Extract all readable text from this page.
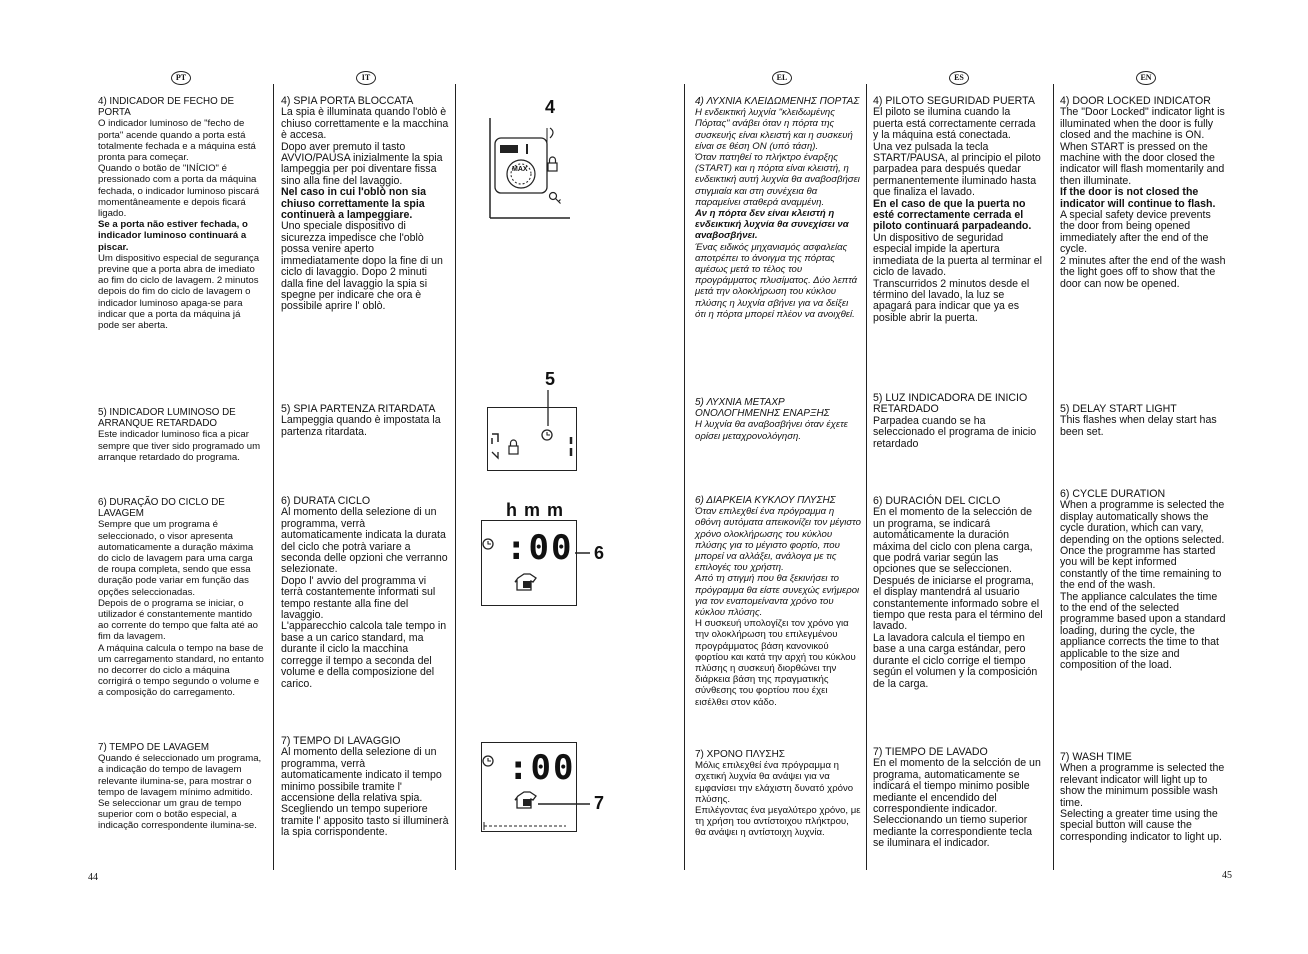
PT	IT	EL	ES	EN

4) INDICADOR DE FECHO DE PORTA

O indicador luminoso de "fecho de porta" acende quando a porta está totalmente fechada e a máquina está pronta para começar.
Quando o botão de "INÍCIO" é pressionado com a porta da máquina fechada, o indicador luminoso piscará momentâneamente e depois ficará ligado.

Se a porta não estiver fechada, o indicador luminoso continuará a piscar.

Um dispositivo especial de segurança previne que a porta abra de imediato ao fim do ciclo de lavagem. 2 minutos depois do fim do ciclo de lavagem o indicador luminoso apaga-se para indicar que a porta da máquina já pode ser aberta.

5) INDICADOR LUMINOSO DE ARRANQUE RETARDADO

Este indicador luminoso fica a picar sempre que tiver sido programado um arranque retardado do programa.

6) DURAÇÃO DO CICLO DE LAVAGEM

Sempre que um programa é seleccionado, o visor apresenta automaticamente a duração máxima do ciclo de lavagem para uma carga de roupa completa, sendo que essa duração pode variar em função das opções seleccionadas.
Depois de o programa se iniciar, o utilizador é constantemente mantido ao corrente do tempo que falta até ao fim da lavagem.
A máquina calcula o tempo na base de um carregamento standard, no entanto no decorrer do ciclo a máquina corrigirá o tempo segundo o volume e a composição do carregamento.

7) TEMPO DE LAVAGEM

Quando é seleccionado um programa, a indicação do tempo de lavagem relevante ilumina-se, para mostrar o tempo de lavagem mínimo admitido.
Se seleccionar um grau de tempo superior com o botão especial, a indicação correspondente ilumina-se.

4) SPIA PORTA BLOCCATA

La spia è illuminata quando l'oblò è chiuso correttamente e la macchina è accesa.
Dopo aver premuto il tasto AVVIO/PAUSA inizialmente la spia lampeggia per poi diventare fissa sino alla fine del lavaggio.

Nel caso in cui l'oblò non sia chiuso correttamente la spia continuerà a lampeggiare.

Uno speciale dispositivo di sicurezza impedisce che l'oblò possa venire aperto immediatamente dopo la fine di un ciclo di lavaggio. Dopo 2 minuti dalla fine del lavaggio la spia si spegne per indicare che ora è possibile aprire l' oblò.

5) SPIA PARTENZA RITARDATA

Lampeggia quando è impostata la partenza ritardata.

6) DURATA CICLO

Al momento della selezione di un programma, verrà automaticamente indicata la durata del ciclo che potrà variare a seconda delle opzioni che verranno selezionate.
Dopo l' avvio del programma vi terrà costantemente informati sul tempo restante alla fine del lavaggio.
L'apparecchio calcola tale tempo in base a un carico standard, ma durante il ciclo la macchina corregge il tempo a seconda del volume e della composizione del carico.

7) TEMPO DI LAVAGGIO

Al momento della selezione di un programma, verrà automaticamente indicato il tempo minimo possibile tramite l' accensione della relativa spia.
Scegliendo un tempo superiore tramite l' apposito tasto si illuminerà la spia corrispondente.

4
MAX
5
h m m
6
:00
7
:00

4) ΛΥΧΝΙΑ ΚΛΕΙΔΩΜΕΝΗΣ ΠΟΡΤΑΣ

Η ενδεικτική λυχνία "κλειδωμένης Πόρτας" ανάβει όταν η πόρτα της συσκευής είναι κλειστή και η συσκευή είναι σε θέση ON (υπό τάση).
Όταν πατηθεί το πλήκτρο έναρξης (START) και η πόρτα είναι κλειστή, η ενδεικτική αυτή λυχνία θα αναβοσβήσει στιγμιαία και στη συνέχεια θα παραμείνει σταθερά αναμμένη.

Αν η πόρτα δεν είναι κλειστή η ενδεικτική λυχνία θα συνεχίσει να αναβοσβήνει.

Ένας ειδικός μηχανισμός ασφαλείας αποτρέπει το άνοιγμα της πόρτας αμέσως μετά το τέλος του προγράμματος πλυσίματος. Δύο λεπτά μετά την ολοκλήρωση του κύκλου πλύσης η λυχνία σβήνει για να δείξει ότι η πόρτα μπορεί πλέον να ανοιχθεί.

5) ΛΥΧΝΙΑ ΜΕΤΑΧΡ ΟΝΟΛΟΓΗΜΕΝΗΣ ΕΝΑΡΞΗΣ

Η λυχνία θα αναβοσβήνει όταν έχετε ορίσει μεταχρονολόγηση.

6) ΔΙΑΡΚΕΙΑ ΚΥΚΛΟΥ ΠΛΥΣΗΣ

Όταν επιλεχθεί ένα πρόγραμμα η οθόνη αυτόματα απεικονίζει τον μέγιστο χρόνο ολοκλήρωσης του κύκλου πλύσης για το μέγιστο φορτίο, που μπορεί να αλλάξει, ανάλογα με τις επιλογές του χρήστη.
Από τη στιγμή που θα ξεκινήσει το πρόγραμμα θα είστε συνεχώς ενήμεροι για τον εναπομείναντα χρόνο του κύκλου πλύσης.

Η συσκευή υπολογίζει τον χρόνο για την ολοκλήρωση του επιλεγμένου προγράμματος βάση κανονικού φορτίου και κατά την αρχή του κύκλου πλύσης η συσκευή διορθώνει την διάρκεια βάση της πραγματικής σύνθεσης του φορτίου που έχει εισέλθει στον κάδο.

7) ΧΡΟΝΟ ΠΛΥΣΗΣ

Μόλις επιλεχθεί ένα πρόγραμμα η σχετική λυχνία θα ανάψει για να εμφανίσει την ελάχιστη δυνατό χρόνο πλύσης.
Επιλέγοντας ένα μεγαλύτερο χρόνο, με τη χρήση του αντίστοιχου πλήκτρου, θα ανάψει η αντίστοιχη λυχνία.

4) PILOTO SEGURIDAD PUERTA

El piloto se ilumina cuando la puerta está correctamente cerrada y la máquina está conectada.
Una vez pulsada la tecla START/PAUSA, al principio el piloto parpadea para después quedar permanentemente iluminado hasta que finaliza el lavado.

En el caso de que la puerta no esté correctamente cerrada el piloto continuará parpadeando.

Un dispositivo de seguridad especial impide la apertura inmediata de la puerta al terminar el ciclo de lavado.
Transcurridos 2 minutos desde el término del lavado, la luz se apagará para indicar que ya es posible abrir la puerta.

5) LUZ INDICADORA DE INICIO RETARDADO

Parpadea cuando se ha seleccionado el programa de inicio retardado

6) DURACIÓN DEL CICLO

En el momento de la selección de un programa, se indicará automáticamente la duración máxima del ciclo con plena carga, que podrá variar según las opciones que se seleccionen.
Después de iniciarse el programa, el display mantendrá al usuario constantemente informado sobre el tiempo que resta para el término del lavado.
La lavadora calcula el tiempo en base a una carga estándar, pero durante el ciclo corrige el tiempo según el volumen y la composición de la carga.

7) TIEMPO DE LAVADO

En el momento de la selcción de un programa, automaticamente se indicará el tiempo minimo posible mediante el encendido del correspondiente indicador.
Seleccionando un tiemo superior mediante la correspondiente tecla se iluminara el indicador.

4) DOOR LOCKED INDICATOR

The "Door Locked" indicator light is illuminated when the door is fully closed and the machine is ON.
When START is pressed on the machine with the door closed the indicator will flash momentarily and then illuminate.

If the door is not closed the indicator will continue to flash.

A special safety device prevents the door from being opened immediately after the end of the cycle.
2 minutes after the end of the wash the light goes off to show that the door can now be opened.

5) DELAY START LIGHT

This flashes when delay start has been set.

6) CYCLE DURATION

When a programme is selected the display automatically shows the cycle duration, which can vary, depending on the options selected.
Once the programme has started you will be kept informed constantly of the time remaining to the end of the wash.
The appliance calculates the time to the end of the selected programme based upon a standard loading, during the cycle, the appliance corrects the time to that applicable to the size and composition of the load.

7) WASH TIME

When a programme is selected the relevant indicator will light up to show the minimum possible wash time.
Selecting a greater time using the special button will cause the corresponding indicator to light up.

44	45
